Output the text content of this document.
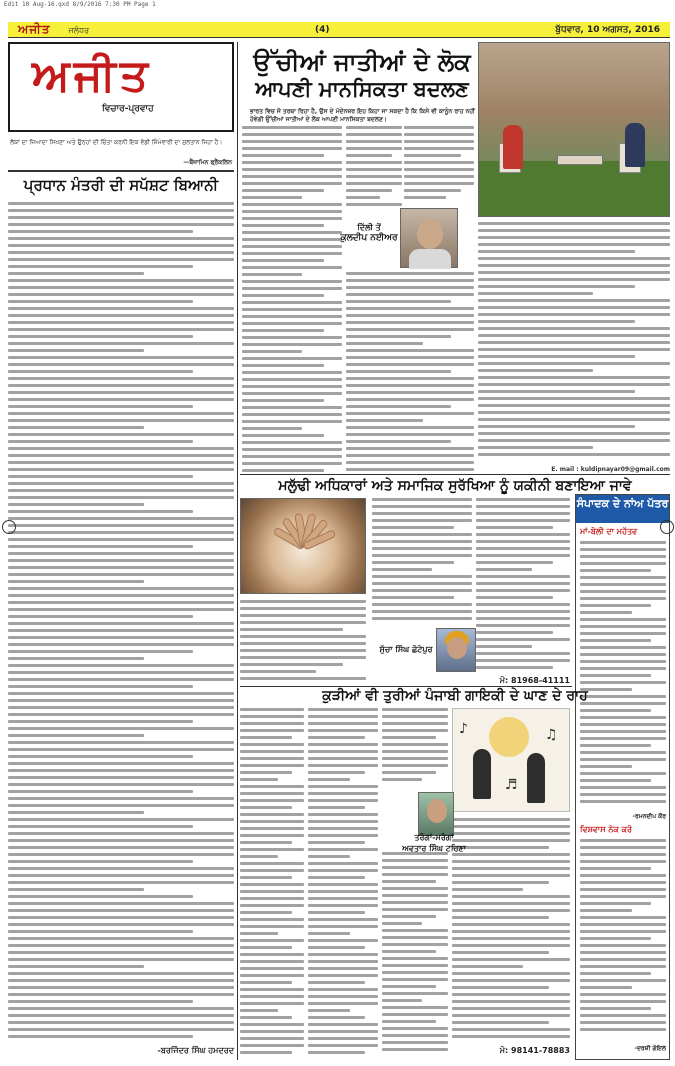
Edit 10 Aug-16.qxd 8/9/2016 7:30 PM Page 1
ਅਜੀਤ ਜਲੰਧਰ	(4)	ਬੁੱਧਵਾਰ, 10 ਅਗਸਤ, 2016
ਅਜੀਤ
ਵਿਚਾਰ-ਪ੍ਰਵਾਹ
ਲੋਕਾਂ ਦਾ ਜਿਆਦਾ ਸਿਖਣਾ ਅਤੇ ਉਨ੍ਹਾਂ ਦੀ ਚਿੰਤਾ ਕਰਨੀ ਇਕ ਵੱਡੀ ਜ਼ਿੰਮੇਵਾਰੀ ਦਾ ਸੁਲਤਾਨ ਜਿਹਾ ਹੈ।
—ਬੈਂਜਾਮਿਨ ਫ੍ਰੈਂਕਲਿਨ
ਪ੍ਰਧਾਨ ਮੰਤਰੀ ਦੀ ਸਪੱਸ਼ਟ ਬਿਆਨੀ
-ਬਰਜਿੰਦਰ ਸਿੰਘ ਹਮਦਰਦ
ਉੱਚੀਆਂ ਜਾਤੀਆਂ ਦੇ ਲੋਕ
ਆਪਣੀ ਮਾਨਸਿਕਤਾ ਬਦਲਣ
ਭਾਰਤ ਵਿਚ ਜੋ ਤਰਥਾ ਰਿਹਾ ਹੈ, ਉਸ ਦੇ ਮੱਦੇਨਜ਼ਰ ਇਹ ਕਿਹਾ ਜਾ ਸਕਦਾ ਹੈ ਕਿ ਕਿਸੇ ਵੀ ਕਾਨੂੰਨ ਰਾਹ ਨਹੀਂ ਹੋਵੇਗੀ ਉੱਚੀਆਂ ਜਾਤੀਆਂ ਦੇ ਲੋਕ ਆਪਣੀ ਮਾਨਸਿਕਤਾ ਬਦਲਣ।
ਦਿੱਲੀ ਤੋਂ
ਕੁਲਦੀਪ ਨਈਅਰ
E. mail : kuldipnayar09@gmail.com
ਮਲੁੱਢੀ ਅਧਿਕਾਰਾਂ ਅਤੇ ਸਮਾਜਿਕ ਸੁਰੱਖਿਆ ਨੂੰ ਯਕੀਨੀ ਬਣਾਇਆ ਜਾਵੇ
ਸੁੱਚਾ ਸਿੰਘ ਛੋਟੇਪੁਰ
ਮੋ: 81968-41111
ਸੰਪਾਦਕ ਦੇ ਨਾਂਅ ਪੱਤਰ
ਮਾਂ-ਬੋਲੀ ਦਾ ਮਹੱਤਵ
-ਰਮਨਦੀਪ ਕੌਰ
ਵਿਸ਼ਵਾਸ ਨੇਕ ਕਰੋ
-ਦਰਸ਼ੀ ਗੋਇਲ
ਕੁੜੀਆਂ ਵੀ ਤੁਰੀਆਂ ਪੰਜਾਬੀ ਗਾਇਕੀ ਦੇ ਘਾਣ ਦੇ ਰਾਹ
♪	♫
♬
ਤਰੰਗਾਂ-ਮਰੰਗਾਂ
ਅਵਤਾਰ ਸਿੰਘ ਟਹਿਣਾ
ਮੋ: 98141-78883
